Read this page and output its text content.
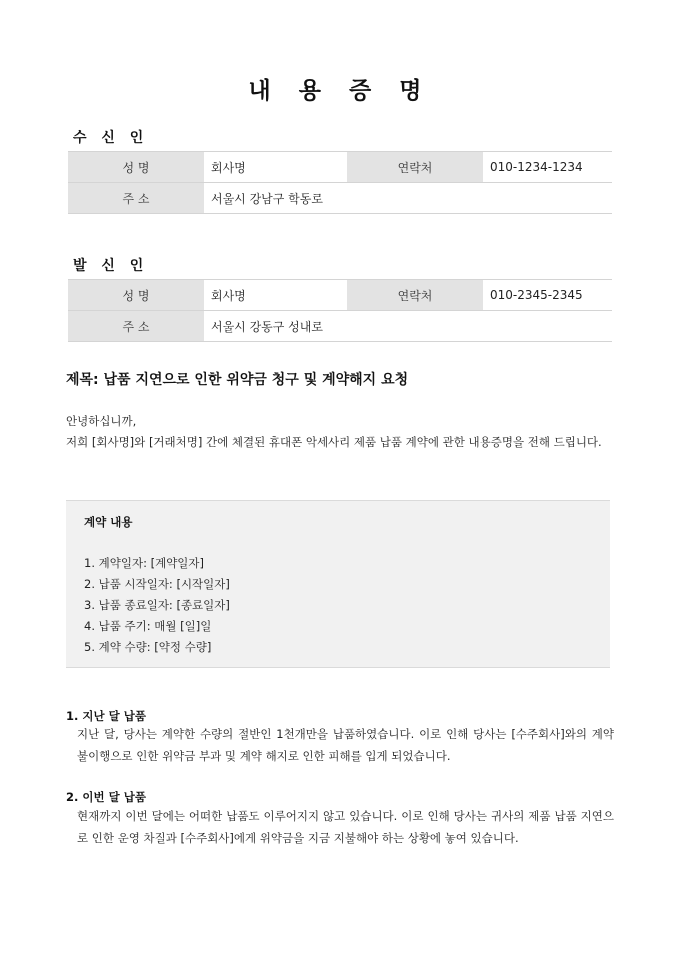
내 용 증 명
수 신 인
성 명	회사명	연락처	010-1234-1234
주 소	서울시 강남구 학동로		
발 신 인
성 명	회사명	연락처	010-2345-2345
주 소	서울시 강동구 성내로		
제목: 납품 지연으로 인한 위약금 청구 및 계약해지 요청
안녕하십니까,
저희 [회사명]와 [거래처명] 간에 체결된 휴대폰 악세사리 제품 납품 계약에 관한 내용증명을 전해 드립니다.
계약 내용
1. 계약일자: [계약일자]
2. 납품 시작일자: [시작일자]
3. 납품 종료일자: [종료일자]
4. 납품 주기: 매월 [일]일
5. 계약 수량: [약정 수량]
1. 지난 달 납품
지난 달, 당사는 계약한 수량의 절반인 1천개만을 납품하였습니다. 이로 인해 당사는 [수주회사]와의 계약 불이행으로 인한 위약금 부과 및 계약 해지로 인한 피해를 입게 되었습니다.
2. 이번 달 납품
현재까지 이번 달에는 어떠한 납품도 이루어지지 않고 있습니다. 이로 인해 당사는 귀사의 제품 납품 지연으로 인한 운영 차질과 [수주회사]에게 위약금을 지금 지불해야 하는 상황에 놓여 있습니다.
